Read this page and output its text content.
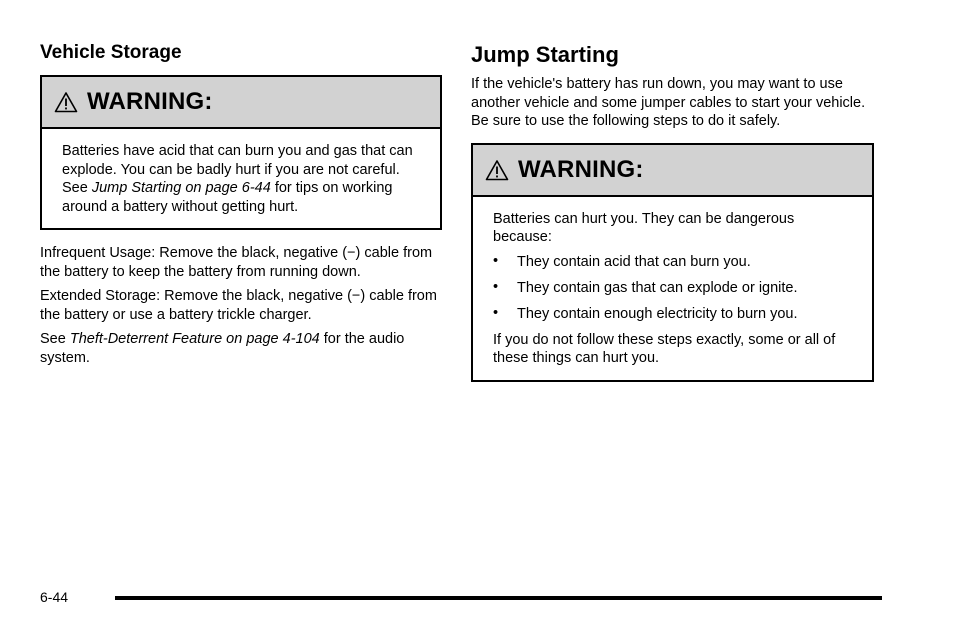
Vehicle Storage
WARNING:
Batteries have acid that can burn you and gas that can explode. You can be badly hurt if you are not careful. See Jump Starting on page 6-44 for tips on working around a battery without getting hurt.

Infrequent Usage: Remove the black, negative (−) cable from the battery to keep the battery from running down.

Extended Storage: Remove the black, negative (−) cable from the battery or use a battery trickle charger.

See Theft-Deterrent Feature on page 4-104 for the audio system.

Jump Starting

If the vehicle's battery has run down, you may want to use another vehicle and some jumper cables to start your vehicle. Be sure to use the following steps to do it safely.

WARNING:
Batteries can hurt you. They can be dangerous because:
• They contain acid that can burn you.
• They contain gas that can explode or ignite.
• They contain enough electricity to burn you.
If you do not follow these steps exactly, some or all of these things can hurt you.
6-44
